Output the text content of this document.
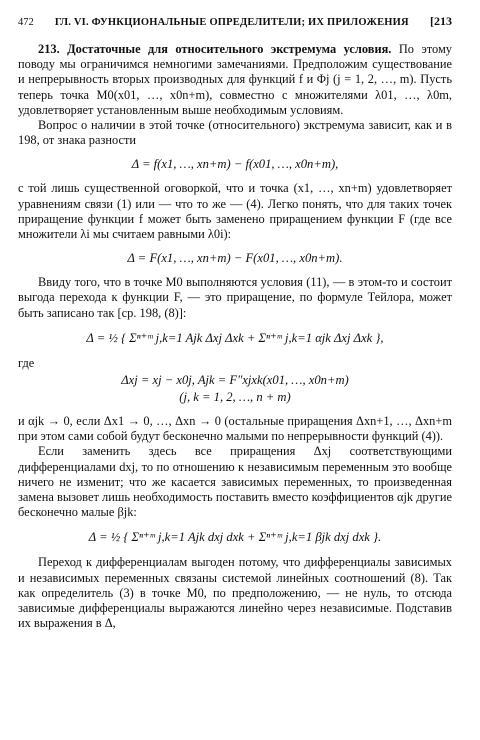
472 ГЛ. VI. ФУНКЦИОНАЛЬНЫЕ ОПРЕДЕЛИТЕЛИ; ИХ ПРИЛОЖЕНИЯ [213

213. Достаточные для относительного экстремума условия. По этому поводу мы ограничимся немногими замечаниями. Предположим существование и непрерывность вторых производных для функций f и Φj (j = 1, 2, …, m). Пусть теперь точка M0(x01, …, x0n+m), совместно с множителями λ01, …, λ0m, удовлетворяет установленным выше необходимым условиям.

Вопрос о наличии в этой точке (относительного) экстремума зависит, как и в 198, от знака разности

Δ = f(x1, …, xn+m) − f(x01, …, x0n+m),

с той лишь существенной оговоркой, что и точка (x1, …, xn+m) удовлетворяет уравнениям связи (1) или — что то же — (4). Легко понять, что для таких точек приращение функции f может быть заменено приращением функции F (где все множители λi мы считаем равными λ0i):

Δ = F(x1, …, xn+m) − F(x01, …, x0n+m).

Ввиду того, что в точке M0 выполняются условия (11), — в этом-то и состоит выгода перехода к функции F, — это приращение, по формуле Тейлора, может быть записано так [ср. 198, (8)]:

Δ = ½ { Σⁿ⁺ᵐ j,k=1 Ajk Δxj Δxk + Σⁿ⁺ᵐ j,k=1 αjk Δxj Δxk },

где

Δxj = xj − x0j, Ajk = F″xjxk(x01, …, x0n+m)
(j, k = 1, 2, …, n + m)

и αjk → 0, если Δx1 → 0, …, Δxn → 0 (остальные приращения Δxn+1, …, Δxn+m при этом сами собой будут бесконечно малыми по непрерывности функций (4)).

Если заменить здесь все приращения Δxj соответствующими дифференциалами dxj, то по отношению к независимым переменным это вообще ничего не изменит; что же касается зависимых переменных, то произведенная замена вызовет лишь необходимость поставить вместо коэффициентов αjk другие бесконечно малые βjk:

Δ = ½ { Σⁿ⁺ᵐ j,k=1 Ajk dxj dxk + Σⁿ⁺ᵐ j,k=1 βjk dxj dxk }.

Переход к дифференциалам выгоден потому, что дифференциалы зависимых и независимых переменных связаны системой линейных соотношений (8). Так как определитель (3) в точке M0, по предположению, — не нуль, то отсюда зависимые дифференциалы выражаются линейно через независимые. Подставив их выражения в Δ,
